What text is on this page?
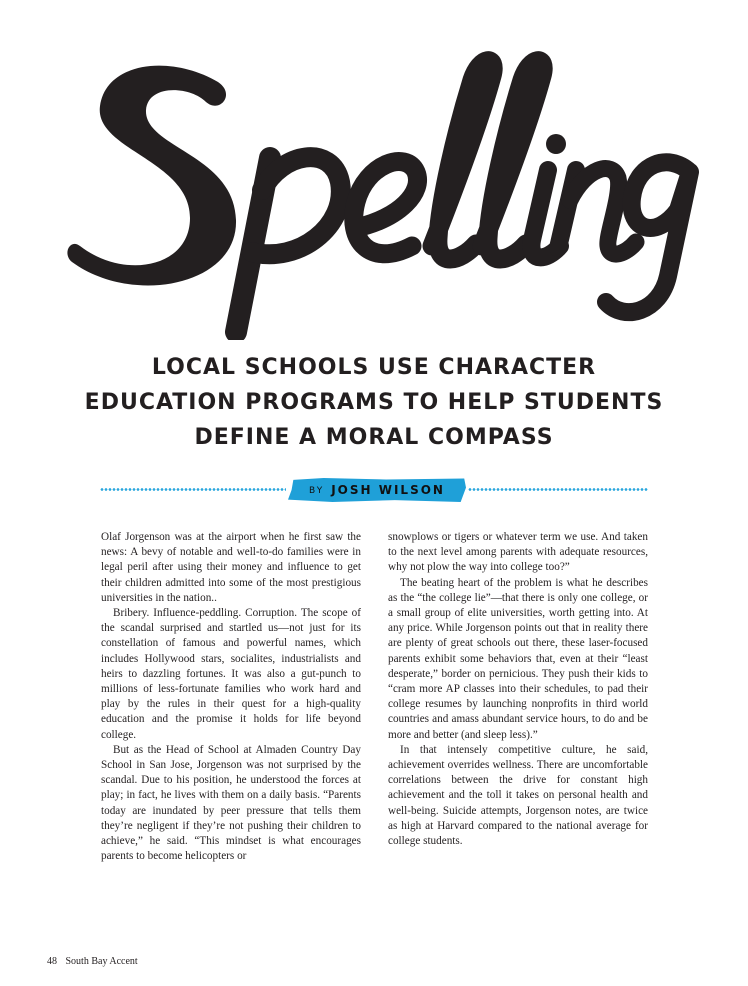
LOCAL SCHOOLS USE CHARACTER
EDUCATION PROGRAMS TO HELP STUDENTS
DEFINE A MORAL COMPASS
BY JOSH WILSON

Olaf Jorgenson was at the airport when he first saw the news: A bevy of notable and well-to-do families were in legal peril after using their money and influence to get their children admitted into some of the most prestigious universities in the nation..

Bribery. Influence-peddling. Corruption. The scope of the scandal surprised and startled us—not just for its constellation of famous and powerful names, which includes Hollywood stars, socialites, industrialists and heirs to dazzling fortunes. It was also a gut-punch to millions of less-fortunate families who work hard and play by the rules in their quest for a high-quality education and the promise it holds for life beyond college.

But as the Head of School at Almaden Country Day School in San Jose, Jorgenson was not surprised by the scandal. Due to his position, he understood the forces at play; in fact, he lives with them on a daily basis. “Parents today are inundated by peer pressure that tells them they’re negligent if they’re not pushing their children to achieve,” he said. “This mindset is what encourages parents to become helicopters or

snowplows or tigers or whatever term we use. And taken to the next level among parents with adequate resources, why not plow the way into college too?”

The beating heart of the problem is what he describes as the “the college lie”—that there is only one college, or a small group of elite universities, worth getting into. At any price. While Jorgenson points out that in reality there are plenty of great schools out there, these laser-focused parents exhibit some behaviors that, even at their “least desperate,” border on pernicious. They push their kids to “cram more AP classes into their schedules, to pad their college resumes by launching nonprofits in third world countries and amass abundant service hours, to do and be more and better (and sleep less).”

In that intensely competitive culture, he said, achievement overrides wellness. There are uncomfortable correlations between the drive for constant high achievement and the toll it takes on personal health and well-being. Suicide attempts, Jorgenson notes, are twice as high at Harvard compared to the national average for college students.

48 South Bay Accent
